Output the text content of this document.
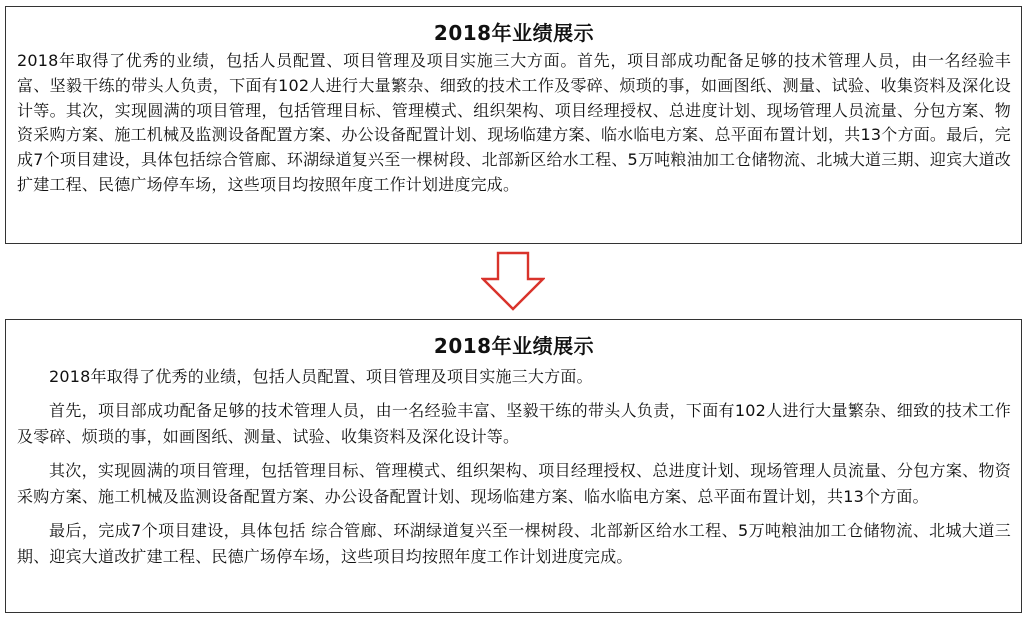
2018年业绩展示

2018年取得了优秀的业绩，包括人员配置、项目管理及项目实施三大方面。首先，项目部成功配备足够的技术管理人员，由一名经验丰富、坚毅干练的带头人负责，下面有102人进行大量繁杂、细致的技术工作及零碎、烦琐的事，如画图纸、测量、试验、收集资料及深化设计等。其次，实现圆满的项目管理，包括管理目标、管理模式、组织架构、项目经理授权、总进度计划、现场管理人员流量、分包方案、物资采购方案、施工机械及监测设备配置方案、办公设备配置计划、现场临建方案、临水临电方案、总平面布置计划，共13个方面。最后，完成7个项目建设，具体包括综合管廊、环湖绿道复兴至一棵树段、北部新区给水工程、5万吨粮油加工仓储物流、北城大道三期、迎宾大道改扩建工程、民德广场停车场，这些项目均按照年度工作计划进度完成。

2018年业绩展示

2018年取得了优秀的业绩，包括人员配置、项目管理及项目实施三大方面。

首先，项目部成功配备足够的技术管理人员，由一名经验丰富、坚毅干练的带头人负责，下面有102人进行大量繁杂、细致的技术工作及零碎、烦琐的事，如画图纸、测量、试验、收集资料及深化设计等。

其次，实现圆满的项目管理，包括管理目标、管理模式、组织架构、项目经理授权、总进度计划、现场管理人员流量、分包方案、物资采购方案、施工机械及监测设备配置方案、办公设备配置计划、现场临建方案、临水临电方案、总平面布置计划，共13个方面。

最后，完成7个项目建设，具体包括 综合管廊、环湖绿道复兴至一棵树段、北部新区给水工程、5万吨粮油加工仓储物流、北城大道三期、迎宾大道改扩建工程、民德广场停车场，这些项目均按照年度工作计划进度完成。
